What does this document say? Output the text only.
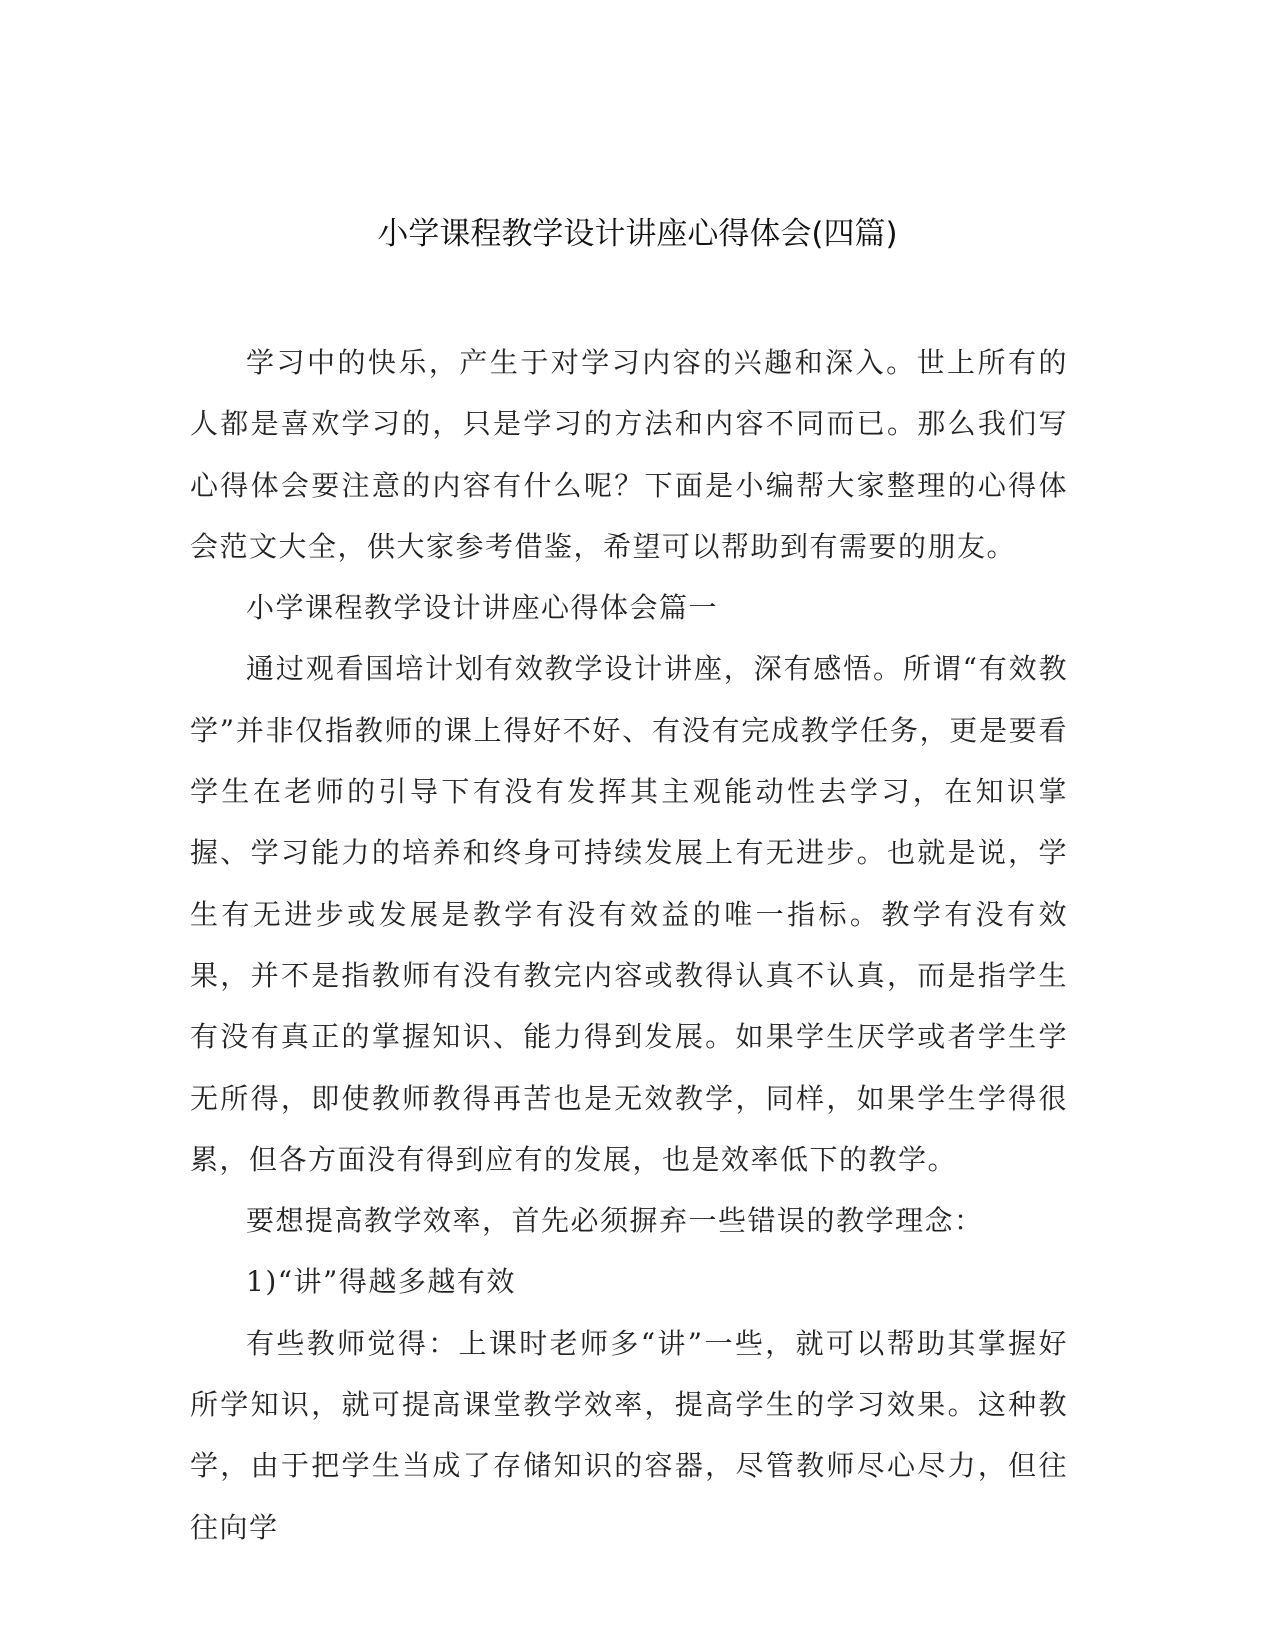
小学课程教学设计讲座心得体会(四篇)

学习中的快乐，产生于对学习内容的兴趣和深入。世上所有的人都是喜欢学习的，只是学习的方法和内容不同而已。那么我们写心得体会要注意的内容有什么呢？下面是小编帮大家整理的心得体会范文大全，供大家参考借鉴，希望可以帮助到有需要的朋友。

小学课程教学设计讲座心得体会篇一

通过观看国培计划有效教学设计讲座，深有感悟。所谓“有效教学”并非仅指教师的课上得好不好、有没有完成教学任务，更是要看学生在老师的引导下有没有发挥其主观能动性去学习，在知识掌握、学习能力的培养和终身可持续发展上有无进步。也就是说，学生有无进步或发展是教学有没有效益的唯一指标。教学有没有效果，并不是指教师有没有教完内容或教得认真不认真，而是指学生有没有真正的掌握知识、能力得到发展。如果学生厌学或者学生学无所得，即使教师教得再苦也是无效教学，同样，如果学生学得很累，但各方面没有得到应有的发展，也是效率低下的教学。

要想提高教学效率，首先必须摒弃一些错误的教学理念：

1)“讲”得越多越有效

有些教师觉得：上课时老师多“讲”一些，就可以帮助其掌握好所学知识，就可提高课堂教学效率，提高学生的学习效果。这种教学，由于把学生当成了存储知识的容器，尽管教师尽心尽力，但往往向学
